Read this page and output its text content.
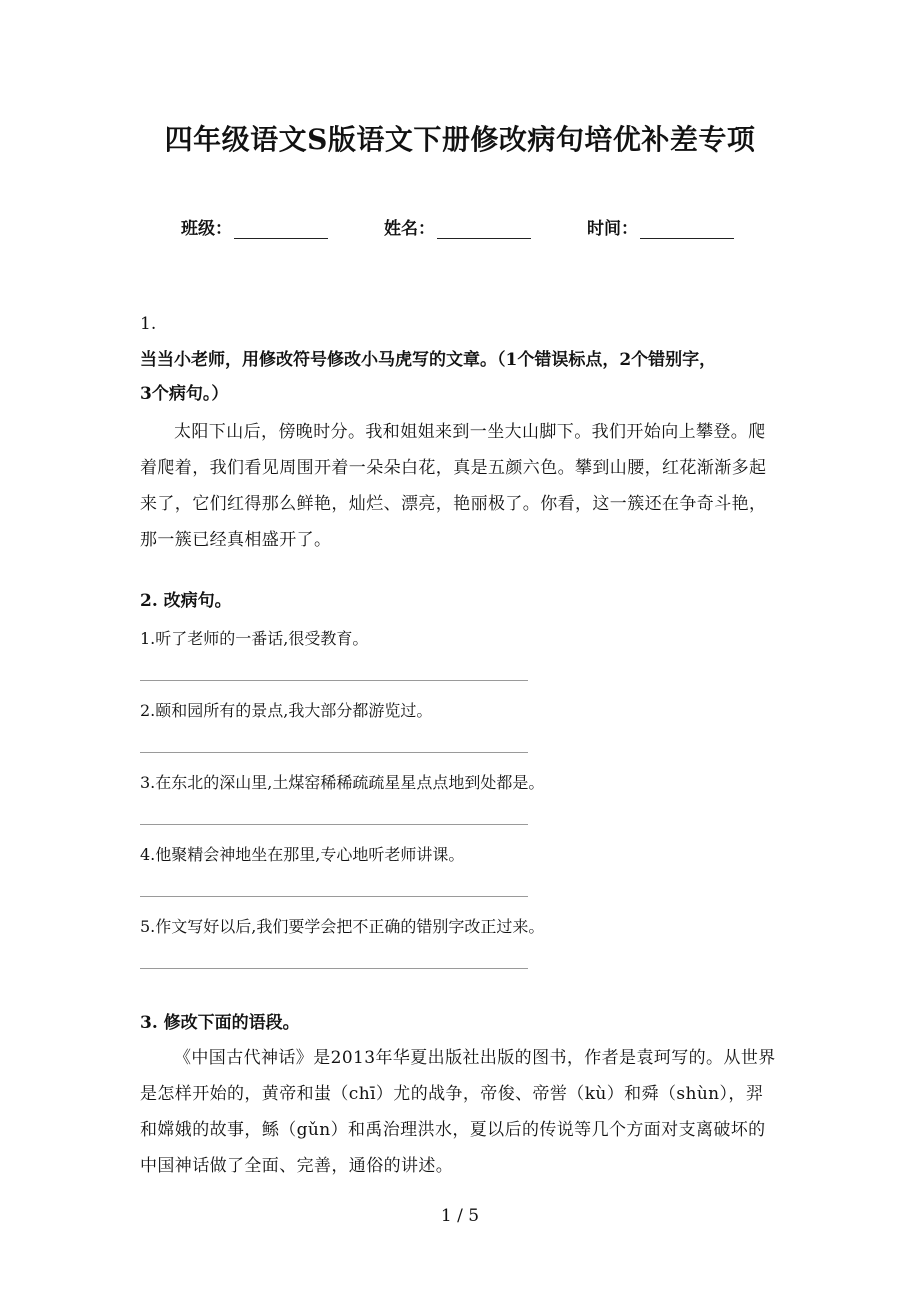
四年级语文S版语文下册修改病句培优补差专项
班级：	姓名：	时间：
1.
当当小老师，用修改符号修改小马虎写的文章。（1个错误标点，2个错别字，
3个病句。）
太阳下山后，傍晚时分。我和姐姐来到一坐大山脚下。我们开始向上攀登。爬着爬着，我们看见周围开着一朵朵白花，真是五颜六色。攀到山腰，红花渐渐多起来了，它们红得那么鲜艳，灿烂、漂亮，艳丽极了。你看，这一簇还在争奇斗艳，那一簇已经真相盛开了。
2. 改病句。
1.听了老师的一番话,很受教育。
2.颐和园所有的景点,我大部分都游览过。
3.在东北的深山里,土煤窑稀稀疏疏星星点点地到处都是。
4.他聚精会神地坐在那里,专心地听老师讲课。
5.作文写好以后,我们要学会把不正确的错别字改正过来。
3. 修改下面的语段。
《中国古代神话》是2013年华夏出版社出版的图书，作者是袁珂写的。从世界是怎样开始的，黄帝和蚩（chī）尤的战争，帝俊、帝喾（kù）和舜（shùn），羿和嫦娥的故事，鲧（gǔn）和禹治理洪水，夏以后的传说等几个方面对支离破坏的中国神话做了全面、完善，通俗的讲述。
1 / 5
